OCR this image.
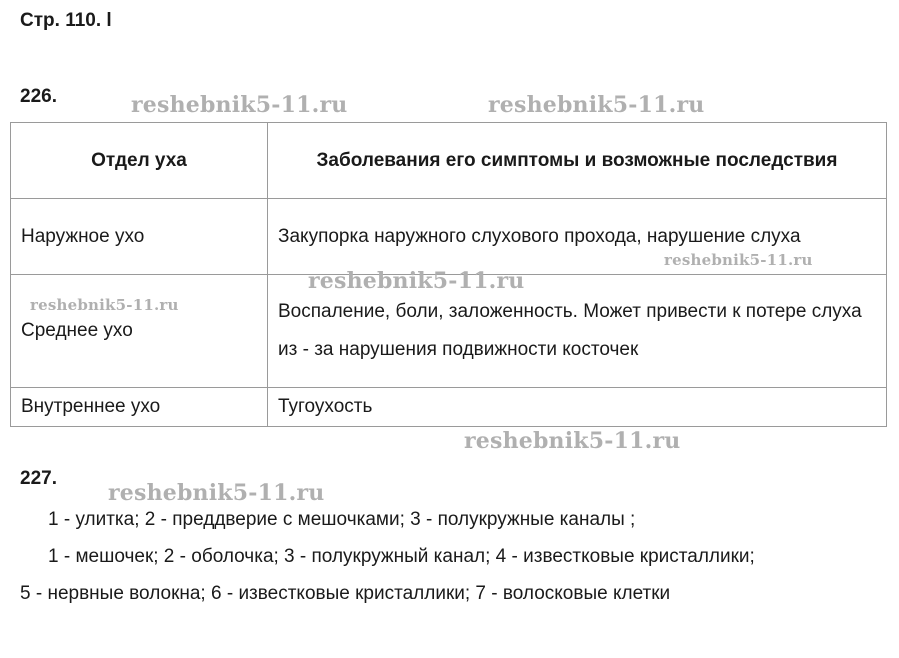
Стр. 110. l
226.
Отдел уха	Заболевания его симптомы и возможные последствия
Наружное ухо	Закупорка наружного слухового прохода, нарушение слуха
Среднее ухо	Воспаление, боли, заложенность. Может привести к потере слуха из - за нарушения подвижности косточек
Внутреннее ухо	Тугоухость
227.
1 - улитка; 2 - преддверие с мешочками; 3 - полукружные каналы ;
1 - мешочек; 2 - оболочка; 3 - полукружный канал; 4 - известковые кристаллики;
5 - нервные волокна; 6 - известковые кристаллики; 7 - волосковые клетки
reshebnik5-11.ru	reshebnik5-11.ru
reshebnik5-11.ru
reshebnik5-11.ru
reshebnik5-11.ru
reshebnik5-11.ru
reshebnik5-11.ru
